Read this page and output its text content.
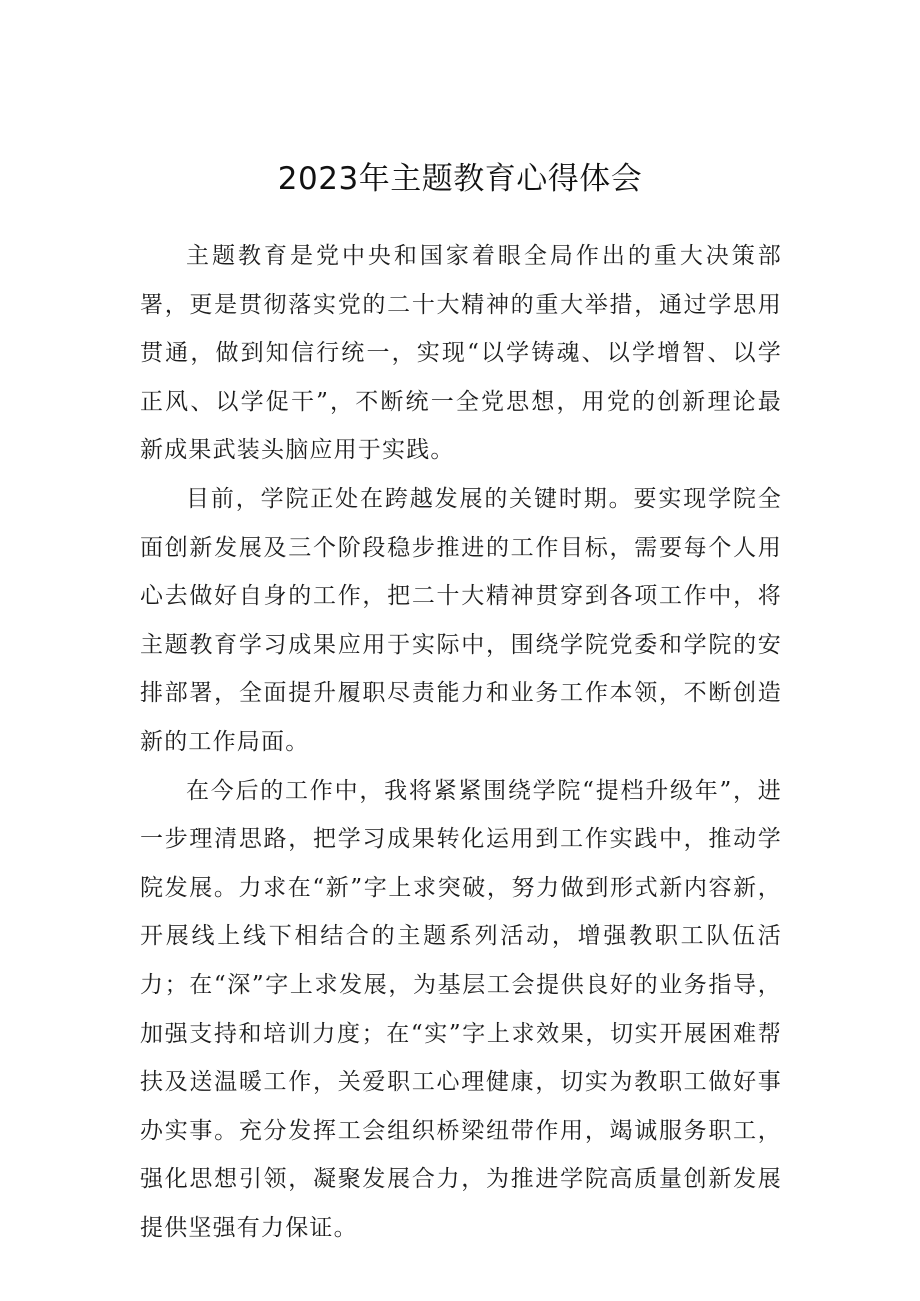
2023年主题教育心得体会

主题教育是党中央和国家着眼全局作出的重大决策部署，更是贯彻落实党的二十大精神的重大举措，通过学思用贯通，做到知信行统一，实现“以学铸魂、以学增智、以学正风、以学促干”，不断统一全党思想，用党的创新理论最新成果武装头脑应用于实践。

目前，学院正处在跨越发展的关键时期。要实现学院全面创新发展及三个阶段稳步推进的工作目标，需要每个人用心去做好自身的工作，把二十大精神贯穿到各项工作中，将主题教育学习成果应用于实际中，围绕学院党委和学院的安排部署，全面提升履职尽责能力和业务工作本领，不断创造新的工作局面。

在今后的工作中，我将紧紧围绕学院“提档升级年”，进一步理清思路，把学习成果转化运用到工作实践中，推动学院发展。力求在“新”字上求突破，努力做到形式新内容新，开展线上线下相结合的主题系列活动，增强教职工队伍活力；在“深”字上求发展，为基层工会提供良好的业务指导，加强支持和培训力度；在“实”字上求效果，切实开展困难帮扶及送温暖工作，关爱职工心理健康，切实为教职工做好事办实事。充分发挥工会组织桥梁纽带作用，竭诚服务职工，强化思想引领，凝聚发展合力，为推进学院高质量创新发展提供坚强有力保证。
